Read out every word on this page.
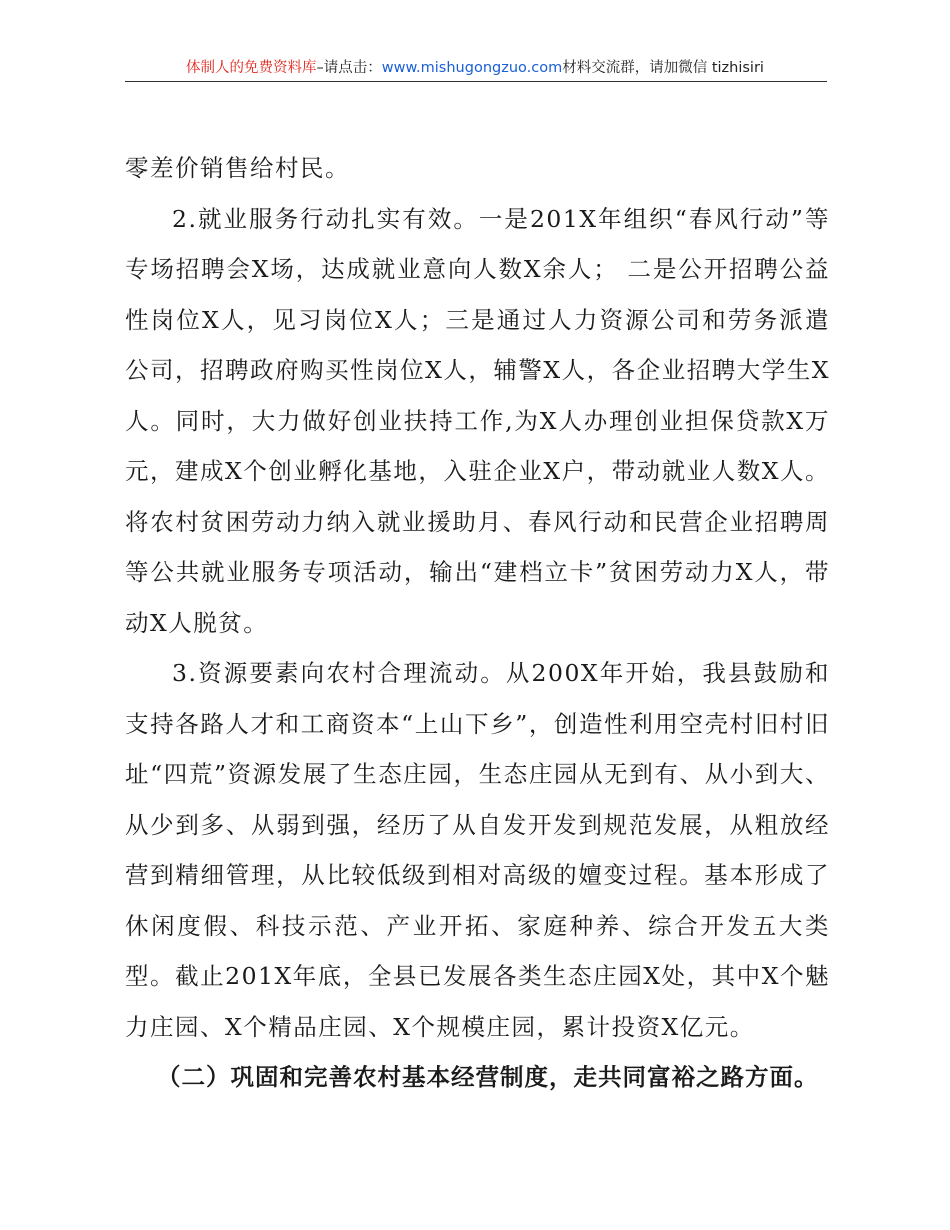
体制人的免费资料库–请点击：www.mishugongzuo.com材料交流群，请加微信 tizhisiri

零差价销售给村民。

2.就业服务行动扎实有效。一是201X年组织“春风行动”等专场招聘会X场，达成就业意向人数X余人； 二是公开招聘公益性岗位X人，见习岗位X人；三是通过人力资源公司和劳务派遣公司，招聘政府购买性岗位X人，辅警X人，各企业招聘大学生X人。同时，大力做好创业扶持工作,为X人办理创业担保贷款X万元，建成X个创业孵化基地，入驻企业X户，带动就业人数X人。将农村贫困劳动力纳入就业援助月、春风行动和民营企业招聘周等公共就业服务专项活动，输出“建档立卡”贫困劳动力X人，带动X人脱贫。

3.资源要素向农村合理流动。从200X年开始，我县鼓励和支持各路人才和工商资本“上山下乡”，创造性利用空壳村旧村旧址“四荒”资源发展了生态庄园，生态庄园从无到有、从小到大、从少到多、从弱到强，经历了从自发开发到规范发展，从粗放经营到精细管理，从比较低级到相对高级的嬗变过程。基本形成了休闲度假、科技示范、产业开拓、家庭种养、综合开发五大类型。截止201X年底，全县已发展各类生态庄园X处，其中X个魅力庄园、X个精品庄园、X个规模庄园，累计投资X亿元。

（二）巩固和完善农村基本经营制度，走共同富裕之路方面。
